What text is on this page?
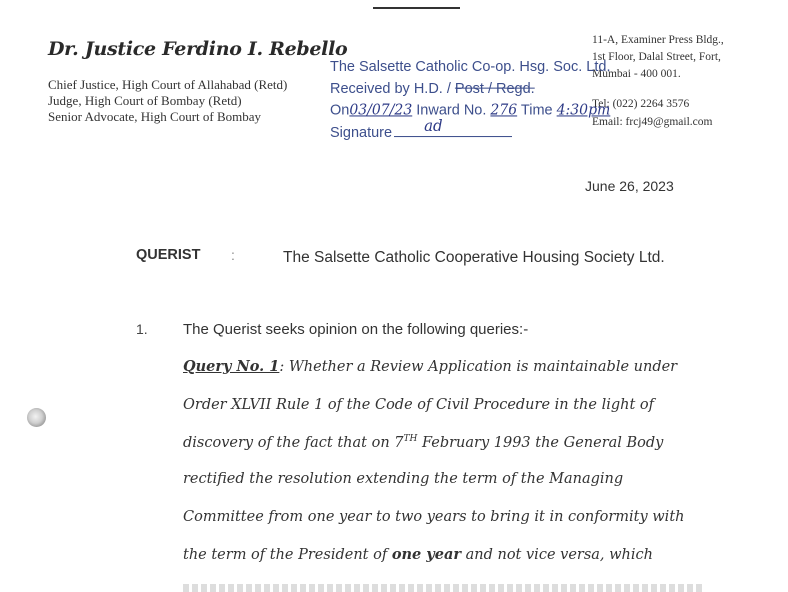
Dr. Justice Ferdino I. Rebello
Chief Justice, High Court of Allahabad (Retd)
Judge, High Court of Bombay (Retd)
Senior Advocate, High Court of Bombay
11-A, Examiner Press Bldg.,
1st Floor, Dalal Street, Fort,
Mumbai - 400 001.
Tel: (022) 2264 3576
Email: frcj49@gmail.com
The Salsette Catholic Co-op. Hsg. Soc. Ltd.
Received by H.D. / Post / Regd.
On03/07/23 Inward No. 276 Time 4:30pm
Signature ad
June 26, 2023
QUERIST :	The Salsette Catholic Cooperative Housing Society Ltd.
1. The Querist seeks opinion on the following queries:-
Query No. 1: Whether a Review Application is maintainable under
Order XLVII Rule 1 of the Code of Civil Procedure in the light of
discovery of the fact that on 7TH February 1993 the General Body
rectified the resolution extending the term of the Managing
Committee from one year to two years to bring it in conformity with
the term of the President of one year and not vice versa, which
